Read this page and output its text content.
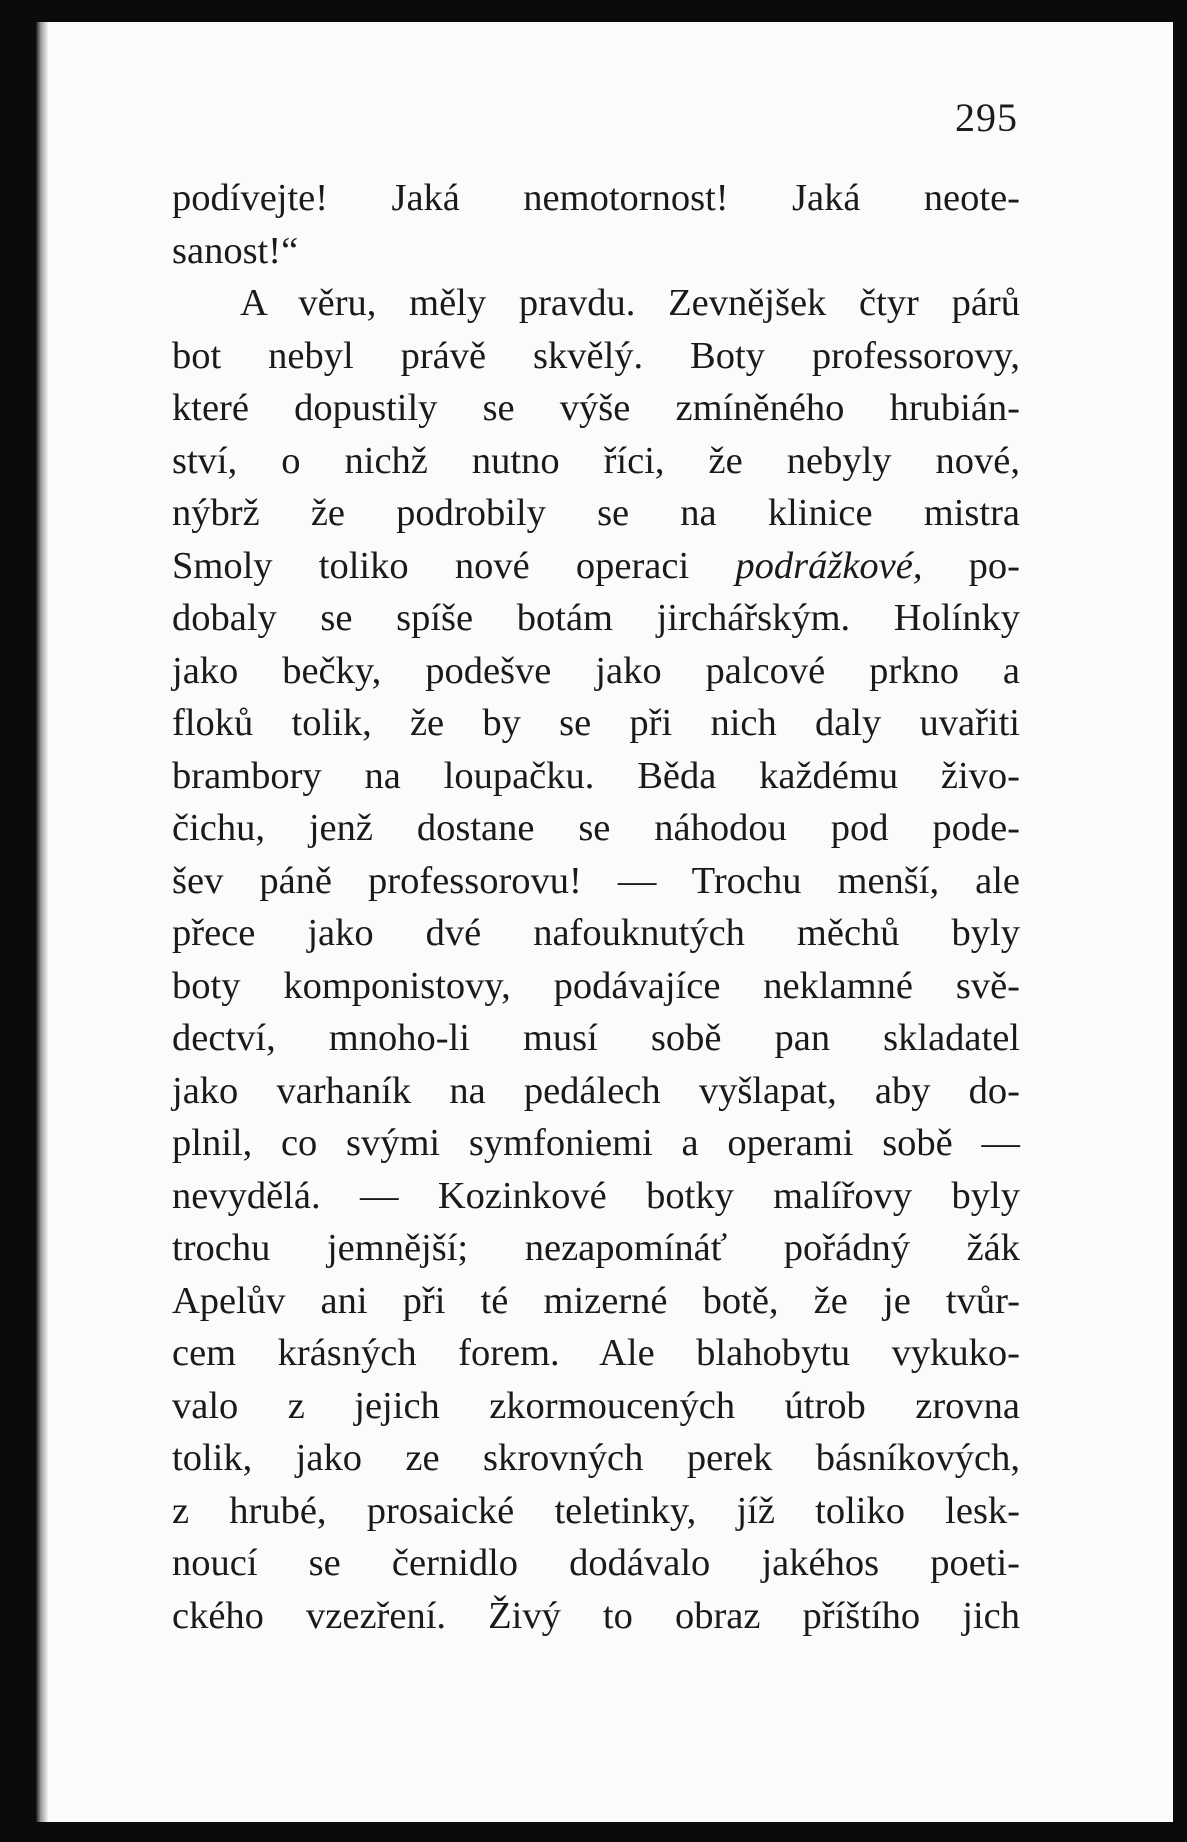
295
podívejte! Jaká nemotornost! Jaká neote-
sanost!“
A věru, měly pravdu. Zevnějšek čtyr párů
bot nebyl právě skvělý. Boty professorovy,
které dopustily se výše zmíněného hrubián-
ství, o nichž nutno říci, že nebyly nové,
nýbrž že podrobily se na klinice mistra
Smoly toliko nové operaci podrážkové, po-
dobaly se spíše botám jirchářským. Holínky
jako bečky, podešve jako palcové prkno a
floků tolik, že by se při nich daly uvařiti
brambory na loupačku. Běda každému živo-
čichu, jenž dostane se náhodou pod pode-
šev páně professorovu! — Trochu menší, ale
přece jako dvé nafouknutých měchů byly
boty komponistovy, podávajíce neklamné svě-
dectví, mnoho-li musí sobě pan skladatel
jako varhaník na pedálech vyšlapat, aby do-
plnil, co svými symfoniemi a operami sobě —
nevydělá. — Kozinkové botky malířovy byly
trochu jemnější; nezapomínáť pořádný žák
Apelův ani při té mizerné botě, že je tvůr-
cem krásných forem. Ale blahobytu vykuko-
valo z jejich zkormoucených útrob zrovna
tolik, jako ze skrovných perek básníkových,
z hrubé, prosaické teletinky, jíž toliko lesk-
noucí se černidlo dodávalo jakéhos poeti-
ckého vzezření. Živý to obraz příštího jich
